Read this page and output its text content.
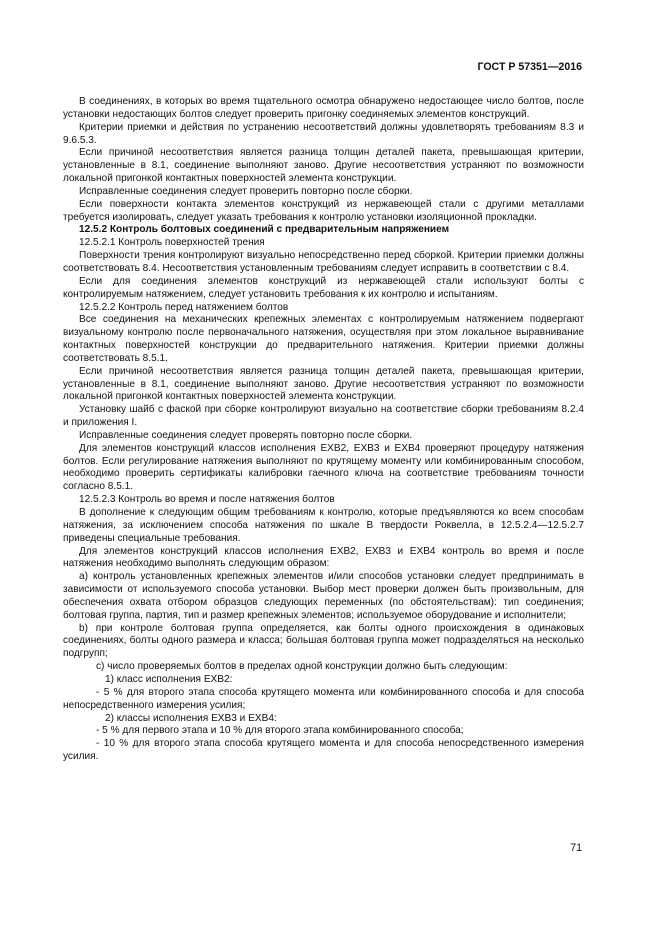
ГОСТ Р 57351—2016

В соединениях, в которых во время тщательного осмотра обнаружено недостающее число болтов, после установки недостающих болтов следует проверить пригонку соединяемых элементов конструкций.

Критерии приемки и действия по устранению несоответствий должны удовлетворять требованиям 8.3 и 9.6.5.3.

Если причиной несоответствия является разница толщин деталей пакета, превышающая критерии, установленные в 8.1, соединение выполняют заново. Другие несоответствия устраняют по возможности локальной пригонкой контактных поверхностей элемента конструкции.

Исправленные соединения следует проверить повторно после сборки.

Если поверхности контакта элементов конструкций из нержавеющей стали с другими металлами требуется изолировать, следует указать требования к контролю установки изоляционной прокладки.

12.5.2 Контроль болтовых соединений с предварительным напряжением

12.5.2.1 Контроль поверхностей трения

Поверхности трения контролируют визуально непосредственно перед сборкой. Критерии приемки должны соответствовать 8.4. Несоответствия установленным требованиям следует исправить в соответствии с 8.4.

Если для соединения элементов конструкций из нержавеющей стали используют болты с контролируемым натяжением, следует установить требования к их контролю и испытаниям.

12.5.2.2 Контроль перед натяжением болтов

Все соединения на механических крепежных элементах с контролируемым натяжением подвергают визуальному контролю после первоначального натяжения, осуществляя при этом локальное выравнивание контактных поверхностей конструкции до предварительного натяжения. Критерии приемки должны соответствовать 8.5.1.

Если причиной несоответствия является разница толщин деталей пакета, превышающая критерии, установленные в 8.1, соединение выполняют заново. Другие несоответствия устраняют по возможности локальной пригонкой контактных поверхностей элемента конструкции.

Установку шайб с фаской при сборке контролируют визуально на соответствие сборки требованиям 8.2.4 и приложения I.

Исправленные соединения следует проверять повторно после сборки.

Для элементов конструкций классов исполнения EXB2, EXB3 и EXB4 проверяют процедуру натяжения болтов. Если регулирование натяжения выполняют по крутящему моменту или комбинированным способом, необходимо проверить сертификаты калибровки гаечного ключа на соответствие требованиям точности согласно 8.5.1.

12.5.2.3 Контроль во время и после натяжения болтов

В дополнение к следующим общим требованиям к контролю, которые предъявляются ко всем способам натяжения, за исключением способа натяжения по шкале B твердости Роквелла, в 12.5.2.4—12.5.2.7 приведены специальные требования.

Для элементов конструкций классов исполнения EXB2, EXB3 и EXB4 контроль во время и после натяжения необходимо выполнять следующим образом:

a) контроль установленных крепежных элементов и/или способов установки следует предпринимать в зависимости от используемого способа установки. Выбор мест проверки должен быть произвольным, для обеспечения охвата отбором образцов следующих переменных (по обстоятельствам): тип соединения; болтовая группа, партия, тип и размер крепежных элементов; используемое оборудование и исполнители;

b) при контроле болтовая группа определяется, как болты одного происхождения в одинаковых соединениях, болты одного размера и класса; большая болтовая группа может подразделяться на несколько подгрупп;

c) число проверяемых болтов в пределах одной конструкции должно быть следующим:

1) класс исполнения EXB2:

- 5 % для второго этапа способа крутящего момента или комбинированного способа и для способа непосредственного измерения усилия;

2) классы исполнения EXB3 и EXB4:

- 5 % для первого этапа и 10 % для второго этапа комбинированного способа;

- 10 % для второго этапа способа крутящего момента и для способа непосредственного измерения усилия.

71
